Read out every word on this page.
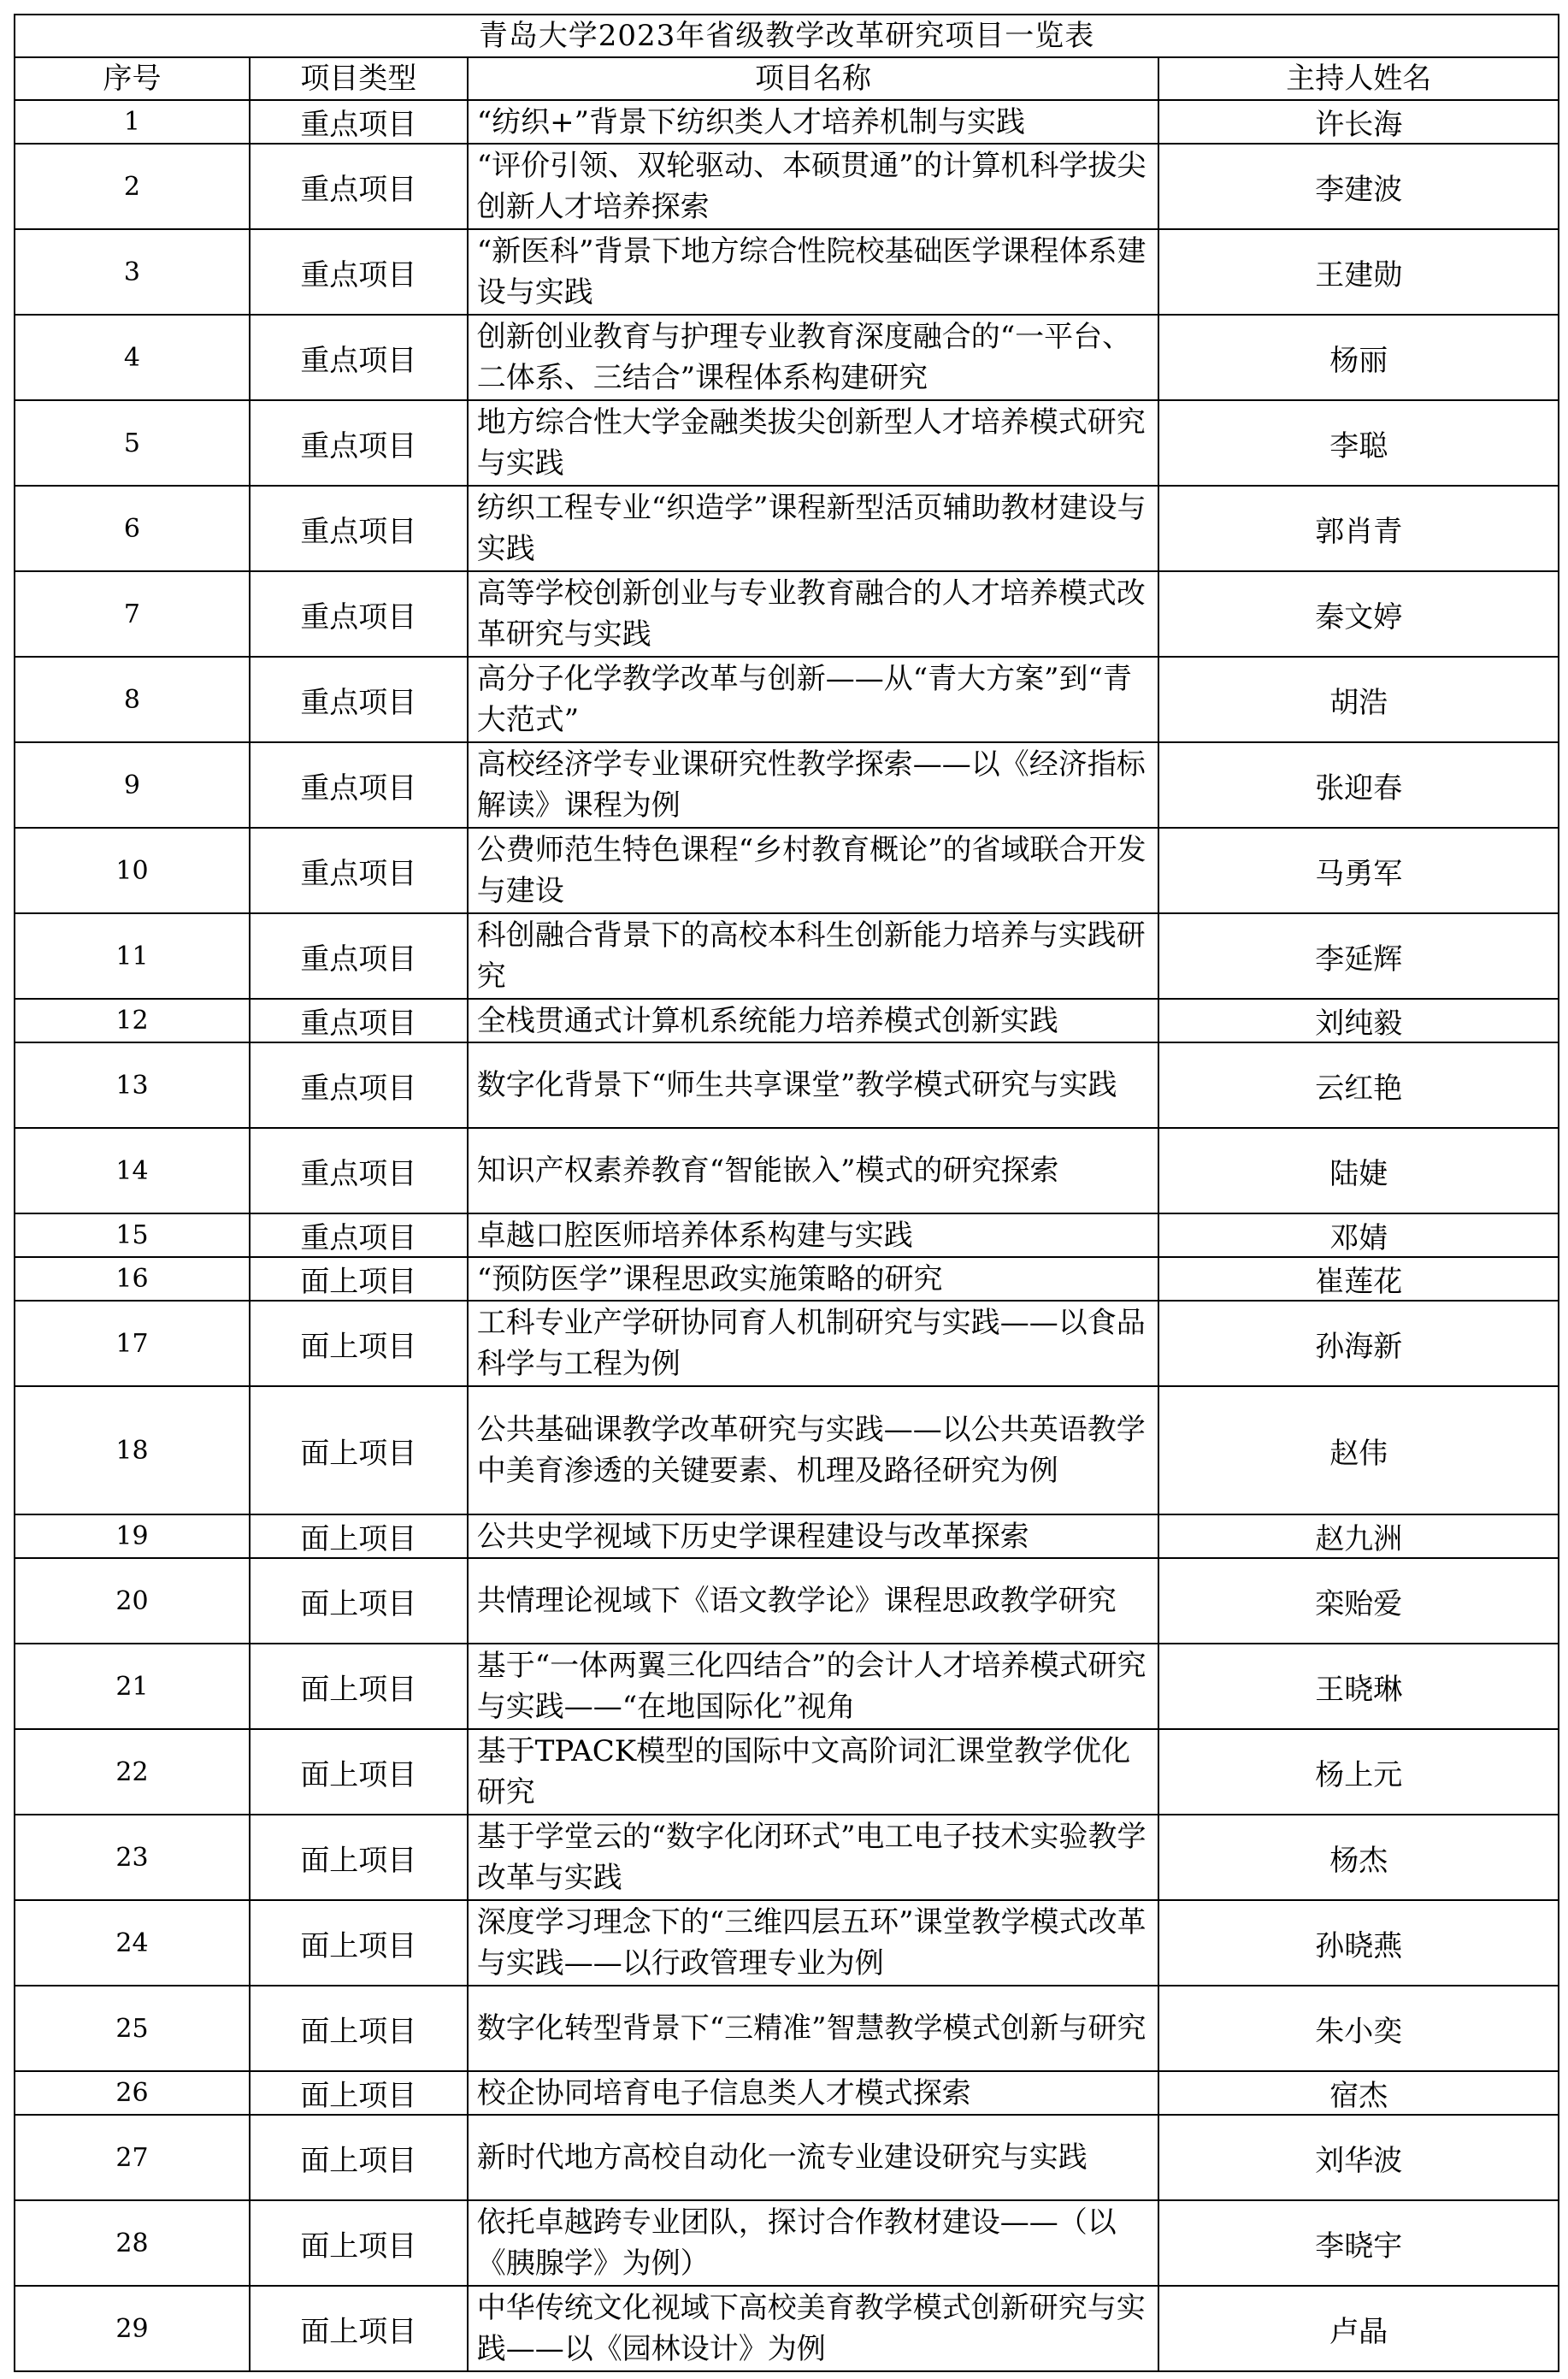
青岛大学2023年省级教学改革研究项目一览表			
序号	项目类型	项目名称	主持人姓名
1	重点项目	“纺织+”背景下纺织类人才培养机制与实践	许长海
2	重点项目	“评价引领、双轮驱动、本硕贯通”的计算机科学拔尖创新人才培养探索	李建波
3	重点项目	“新医科”背景下地方综合性院校基础医学课程体系建设与实践	王建勋
4	重点项目	创新创业教育与护理专业教育深度融合的“一平台、二体系、三结合”课程体系构建研究	杨丽
5	重点项目	地方综合性大学金融类拔尖创新型人才培养模式研究与实践	李聪
6	重点项目	纺织工程专业“织造学”课程新型活页辅助教材建设与实践	郭肖青
7	重点项目	高等学校创新创业与专业教育融合的人才培养模式改革研究与实践	秦文婷
8	重点项目	高分子化学教学改革与创新——从“青大方案”到“青大范式”	胡浩
9	重点项目	高校经济学专业课研究性教学探索——以《经济指标解读》课程为例	张迎春
10	重点项目	公费师范生特色课程“乡村教育概论”的省域联合开发与建设	马勇军
11	重点项目	科创融合背景下的高校本科生创新能力培养与实践研究	李延辉
12	重点项目	全栈贯通式计算机系统能力培养模式创新实践	刘纯毅
13	重点项目	数字化背景下“师生共享课堂”教学模式研究与实践	云红艳
14	重点项目	知识产权素养教育“智能嵌入”模式的研究探索	陆婕
15	重点项目	卓越口腔医师培养体系构建与实践	邓婧
16	面上项目	“预防医学”课程思政实施策略的研究	崔莲花
17	面上项目	工科专业产学研协同育人机制研究与实践——以食品科学与工程为例	孙海新
18	面上项目	公共基础课教学改革研究与实践——以公共英语教学中美育渗透的关键要素、机理及路径研究为例	赵伟
19	面上项目	公共史学视域下历史学课程建设与改革探索	赵九洲
20	面上项目	共情理论视域下《语文教学论》课程思政教学研究	栾贻爱
21	面上项目	基于“一体两翼三化四结合”的会计人才培养模式研究与实践——“在地国际化”视角	王晓琳
22	面上项目	基于TPACK模型的国际中文高阶词汇课堂教学优化研究	杨上元
23	面上项目	基于学堂云的“数字化闭环式”电工电子技术实验教学改革与实践	杨杰
24	面上项目	深度学习理念下的“三维四层五环”课堂教学模式改革与实践——以行政管理专业为例	孙晓燕
25	面上项目	数字化转型背景下“三精准”智慧教学模式创新与研究	朱小奕
26	面上项目	校企协同培育电子信息类人才模式探索	宿杰
27	面上项目	新时代地方高校自动化一流专业建设研究与实践	刘华波
28	面上项目	依托卓越跨专业团队，探讨合作教材建设——（以《胰腺学》为例）	李晓宇
29	面上项目	中华传统文化视域下高校美育教学模式创新研究与实践——以《园林设计》为例	卢晶
